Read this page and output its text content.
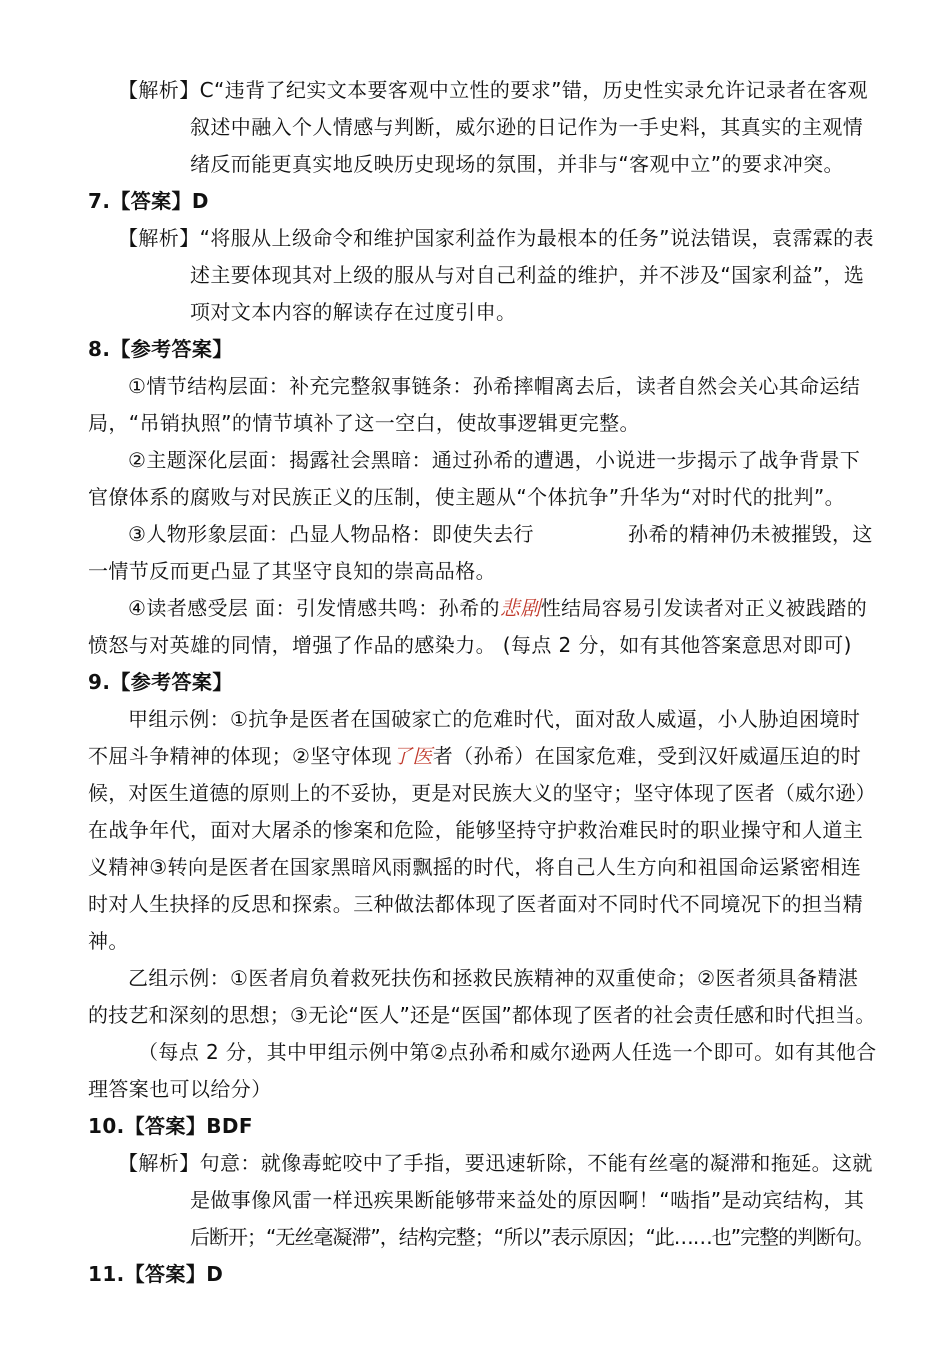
【解析】C“违背了纪实文本要客观中立性的要求”错，历史性实录允许记录者在客观
叙述中融入个人情感与判断，威尔逊的日记作为一手史料，其真实的主观情
绪反而能更真实地反映历史现场的氛围，并非与“客观中立”的要求冲突。
7.【答案】D
【解析】“将服从上级命令和维护国家利益作为最根本的任务”说法错误，袁霈霖的表
述主要体现其对上级的服从与对自己利益的维护，并不涉及“国家利益”，选
项对文本内容的解读存在过度引申。
8.【参考答案】
①情节结构层面：补充完整叙事链条：孙希摔帽离去后，读者自然会关心其命运结
局，“吊销执照”的情节填补了这一空白，使故事逻辑更完整。
②主题深化层面：揭露社会黑暗：通过孙希的遭遇，小说进一步揭示了战争背景下
官僚体系的腐败与对民族正义的压制，使主题从“个体抗争”升华为“对时代的批判”。
③人物形象层面：凸显人物品格：即使失去行	孙希的精神仍未被摧毁，这
一情节反而更凸显了其坚守良知的崇高品格。
④读者感受层 面：引发情感共鸣：孙希的悲剧性结局容易引发读者对正义被践踏的
愤怒与对英雄的同情，增强了作品的感染力。 (每点 2 分，如有其他答案意思对即可)
9.【参考答案】
甲组示例：①抗争是医者在国破家亡的危难时代，面对敌人威逼，小人胁迫困境时
不屈斗争精神的体现；②坚守体现了医者（孙希）在国家危难，受到汉奸威逼压迫的时
候，对医生道德的原则上的不妥协，更是对民族大义的坚守；坚守体现了医者（威尔逊）
在战争年代，面对大屠杀的惨案和危险，能够坚持守护救治难民时的职业操守和人道主
义精神③转向是医者在国家黑暗风雨飘摇的时代，将自己人生方向和祖国命运紧密相连
时对人生抉择的反思和探索。三种做法都体现了医者面对不同时代不同境况下的担当精
神。
乙组示例：①医者肩负着救死扶伤和拯救民族精神的双重使命；②医者须具备精湛
的技艺和深刻的思想；③无论“医人”还是“医国”都体现了医者的社会责任感和时代担当。
（每点 2 分，其中甲组示例中第②点孙希和威尔逊两人任选一个即可。如有其他合
理答案也可以给分）
10.【答案】BDF
【解析】句意：就像毒蛇咬中了手指，要迅速斩除，不能有丝毫的凝滞和拖延。这就
是做事像风雷一样迅疾果断能够带来益处的原因啊！“啮指”是动宾结构，其
后断开；“无丝毫凝滞”，结构完整；“所以”表示原因；“此……也”完整的判断句。
11.【答案】D
